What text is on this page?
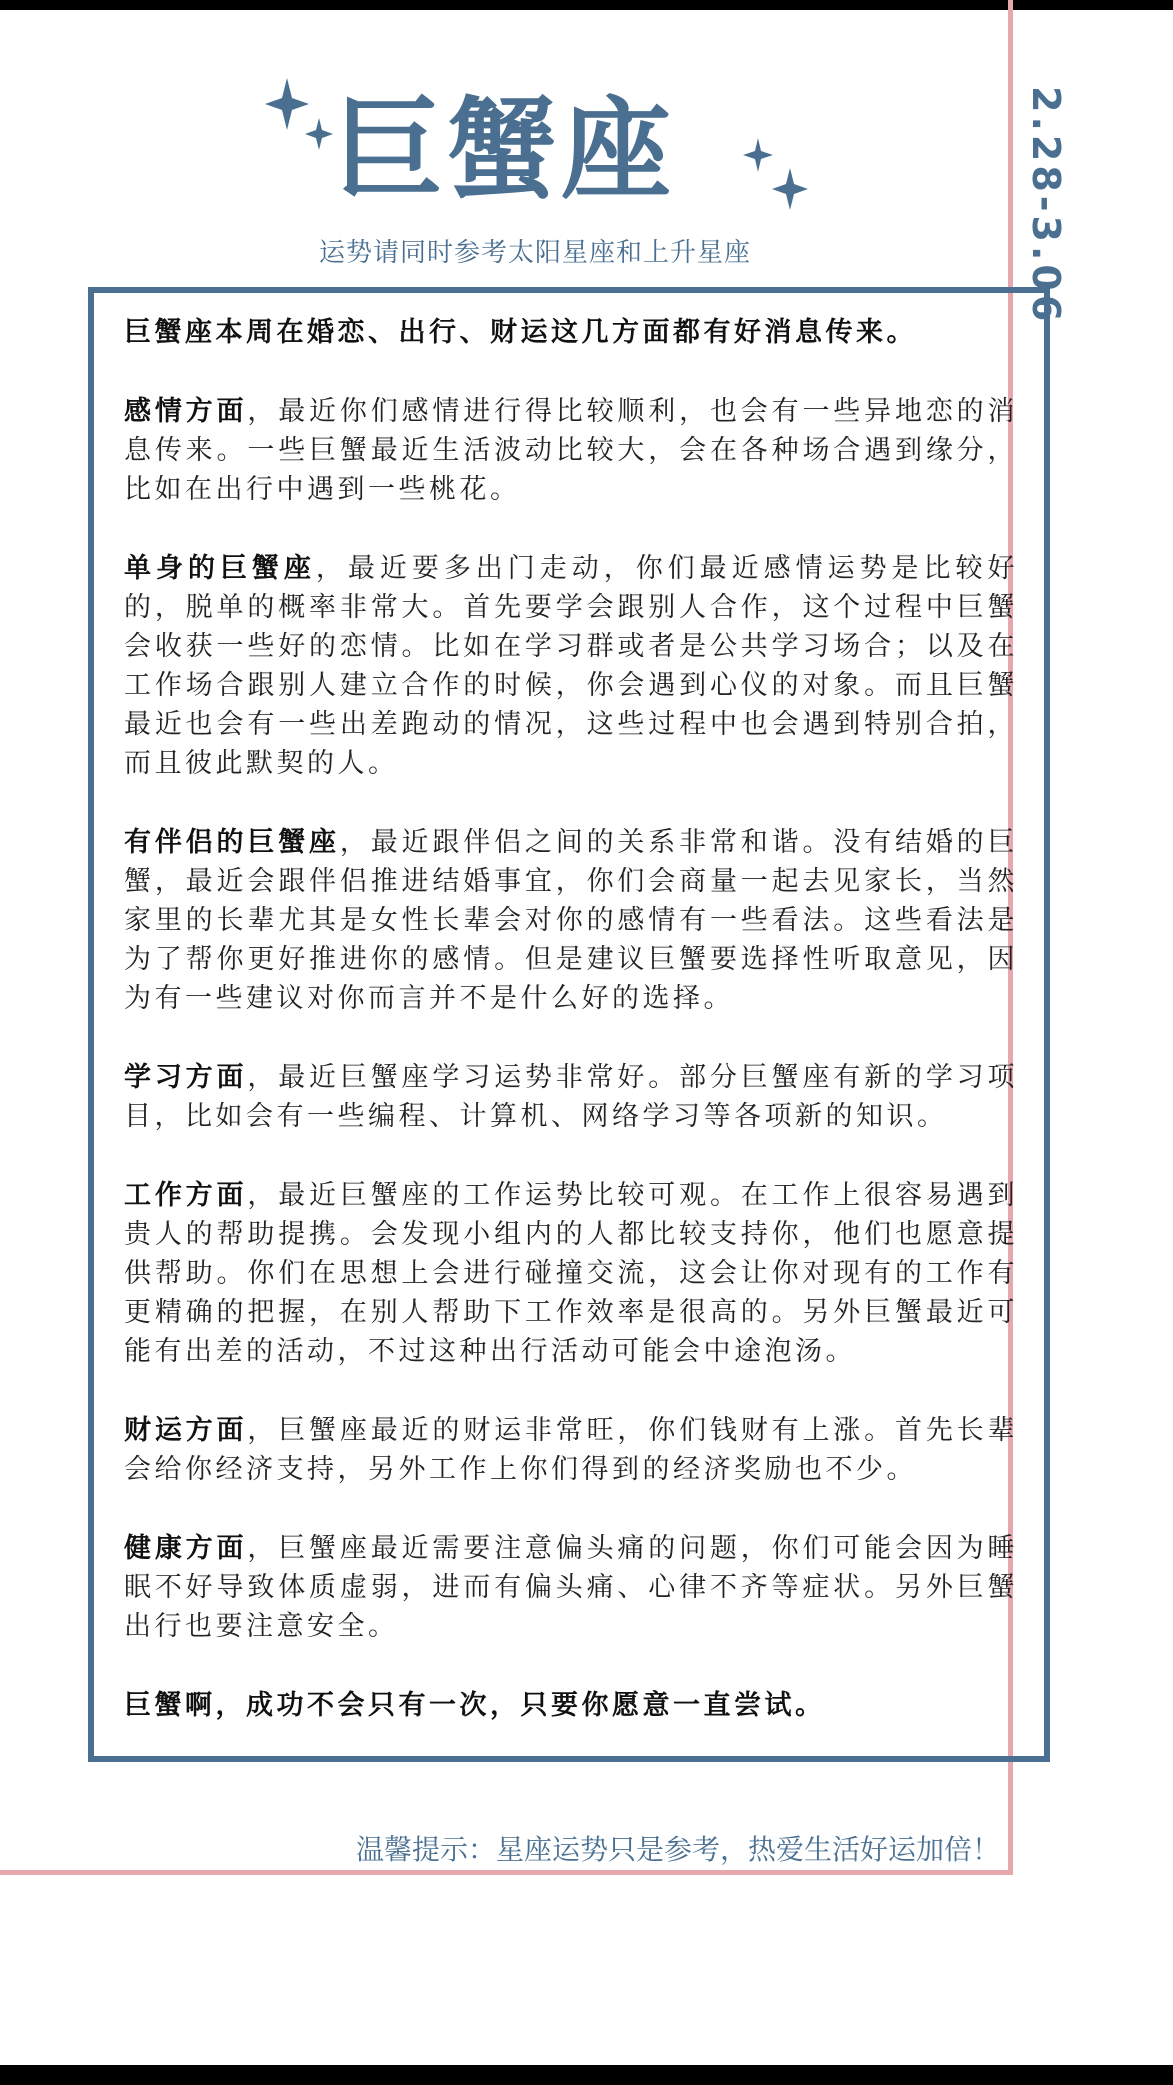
巨蟹座
运势请同时参考太阳星座和上升星座	2.28-3.06

巨蟹座本周在婚恋、出行、财运这几方面都有好消息传来。

感情方面，最近你们感情进行得比较顺利，也会有一些异地恋的消息传来。一些巨蟹最近生活波动比较大，会在各种场合遇到缘分，比如在出行中遇到一些桃花。

单身的巨蟹座，最近要多出门走动，你们最近感情运势是比较好的，脱单的概率非常大。首先要学会跟别人合作，这个过程中巨蟹会收获一些好的恋情。比如在学习群或者是公共学习场合；以及在工作场合跟别人建立合作的时候，你会遇到心仪的对象。而且巨蟹最近也会有一些出差跑动的情况，这些过程中也会遇到特别合拍，而且彼此默契的人。

有伴侣的巨蟹座，最近跟伴侣之间的关系非常和谐。没有结婚的巨蟹，最近会跟伴侣推进结婚事宜，你们会商量一起去见家长，当然家里的长辈尤其是女性长辈会对你的感情有一些看法。这些看法是为了帮你更好推进你的感情。但是建议巨蟹要选择性听取意见，因为有一些建议对你而言并不是什么好的选择。

学习方面，最近巨蟹座学习运势非常好。部分巨蟹座有新的学习项目，比如会有一些编程、计算机、网络学习等各项新的知识。

工作方面，最近巨蟹座的工作运势比较可观。在工作上很容易遇到贵人的帮助提携。会发现小组内的人都比较支持你，他们也愿意提供帮助。你们在思想上会进行碰撞交流，这会让你对现有的工作有更精确的把握，在别人帮助下工作效率是很高的。另外巨蟹最近可能有出差的活动，不过这种出行活动可能会中途泡汤。

财运方面，巨蟹座最近的财运非常旺，你们钱财有上涨。首先长辈会给你经济支持，另外工作上你们得到的经济奖励也不少。

健康方面，巨蟹座最近需要注意偏头痛的问题，你们可能会因为睡眠不好导致体质虚弱，进而有偏头痛、心律不齐等症状。另外巨蟹出行也要注意安全。

巨蟹啊，成功不会只有一次，只要你愿意一直尝试。

温馨提示：星座运势只是参考，热爱生活好运加倍！
